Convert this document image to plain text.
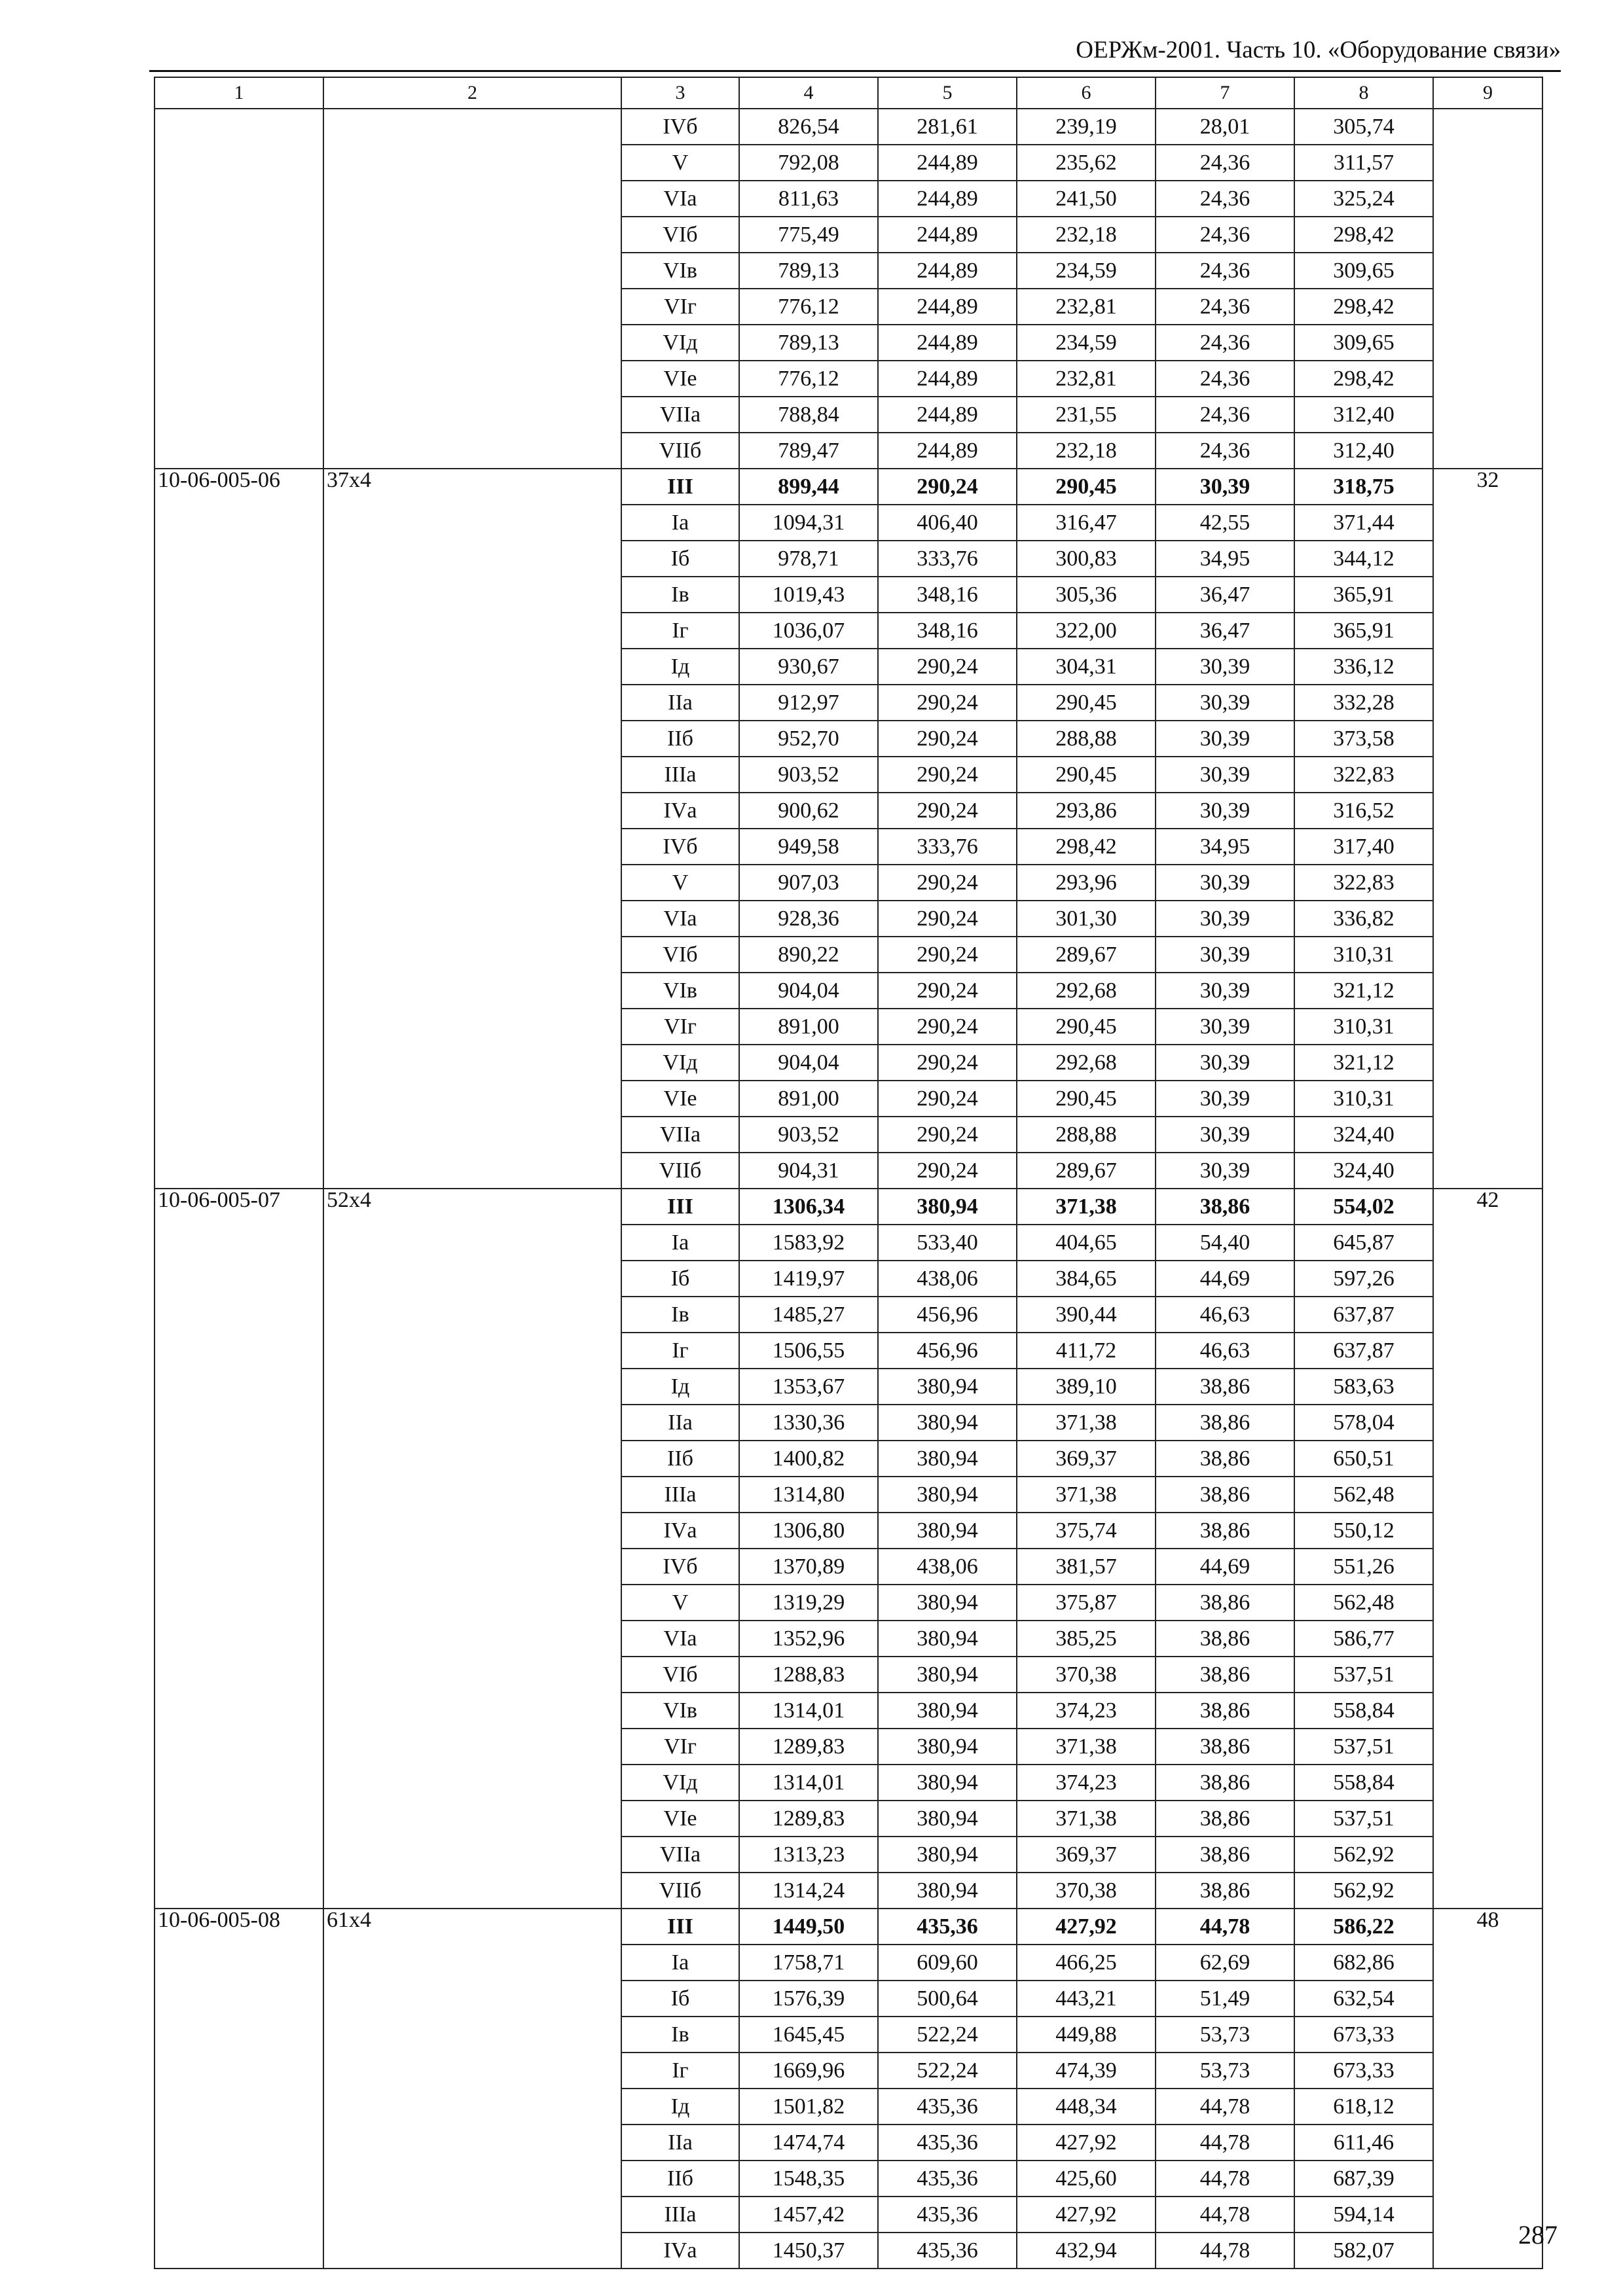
ОЕРЖм-2001. Часть 10. «Оборудование связи»
1	2	3	4	5	6	7	8	9
		IVб	826,54	281,61	239,19	28,01	305,74	
		V	792,08	244,89	235,62	24,36	311,57	
		VIа	811,63	244,89	241,50	24,36	325,24	
		VIб	775,49	244,89	232,18	24,36	298,42	
		VIв	789,13	244,89	234,59	24,36	309,65	
		VIг	776,12	244,89	232,81	24,36	298,42	
		VIд	789,13	244,89	234,59	24,36	309,65	
		VIе	776,12	244,89	232,81	24,36	298,42	
		VIIа	788,84	244,89	231,55	24,36	312,40	
		VIIб	789,47	244,89	232,18	24,36	312,40	
10-06-005-06	37х4	III	899,44	290,24	290,45	30,39	318,75	32
		Iа	1094,31	406,40	316,47	42,55	371,44	
		Iб	978,71	333,76	300,83	34,95	344,12	
		Iв	1019,43	348,16	305,36	36,47	365,91	
		Iг	1036,07	348,16	322,00	36,47	365,91	
		Iд	930,67	290,24	304,31	30,39	336,12	
		IIа	912,97	290,24	290,45	30,39	332,28	
		IIб	952,70	290,24	288,88	30,39	373,58	
		IIIа	903,52	290,24	290,45	30,39	322,83	
		IVа	900,62	290,24	293,86	30,39	316,52	
		IVб	949,58	333,76	298,42	34,95	317,40	
		V	907,03	290,24	293,96	30,39	322,83	
		VIа	928,36	290,24	301,30	30,39	336,82	
		VIб	890,22	290,24	289,67	30,39	310,31	
		VIв	904,04	290,24	292,68	30,39	321,12	
		VIг	891,00	290,24	290,45	30,39	310,31	
		VIд	904,04	290,24	292,68	30,39	321,12	
		VIе	891,00	290,24	290,45	30,39	310,31	
		VIIа	903,52	290,24	288,88	30,39	324,40	
		VIIб	904,31	290,24	289,67	30,39	324,40	
10-06-005-07	52х4	III	1306,34	380,94	371,38	38,86	554,02	42
		Iа	1583,92	533,40	404,65	54,40	645,87	
		Iб	1419,97	438,06	384,65	44,69	597,26	
		Iв	1485,27	456,96	390,44	46,63	637,87	
		Iг	1506,55	456,96	411,72	46,63	637,87	
		Iд	1353,67	380,94	389,10	38,86	583,63	
		IIа	1330,36	380,94	371,38	38,86	578,04	
		IIб	1400,82	380,94	369,37	38,86	650,51	
		IIIа	1314,80	380,94	371,38	38,86	562,48	
		IVа	1306,80	380,94	375,74	38,86	550,12	
		IVб	1370,89	438,06	381,57	44,69	551,26	
		V	1319,29	380,94	375,87	38,86	562,48	
		VIа	1352,96	380,94	385,25	38,86	586,77	
		VIб	1288,83	380,94	370,38	38,86	537,51	
		VIв	1314,01	380,94	374,23	38,86	558,84	
		VIг	1289,83	380,94	371,38	38,86	537,51	
		VIд	1314,01	380,94	374,23	38,86	558,84	
		VIе	1289,83	380,94	371,38	38,86	537,51	
		VIIа	1313,23	380,94	369,37	38,86	562,92	
		VIIб	1314,24	380,94	370,38	38,86	562,92	
10-06-005-08	61х4	III	1449,50	435,36	427,92	44,78	586,22	48
		Iа	1758,71	609,60	466,25	62,69	682,86	
		Iб	1576,39	500,64	443,21	51,49	632,54	
		Iв	1645,45	522,24	449,88	53,73	673,33	
		Iг	1669,96	522,24	474,39	53,73	673,33	
		Iд	1501,82	435,36	448,34	44,78	618,12	
		IIа	1474,74	435,36	427,92	44,78	611,46	
		IIб	1548,35	435,36	425,60	44,78	687,39	
		IIIа	1457,42	435,36	427,92	44,78	594,14	
		IVа	1450,37	435,36	432,94	44,78	582,07	
287
